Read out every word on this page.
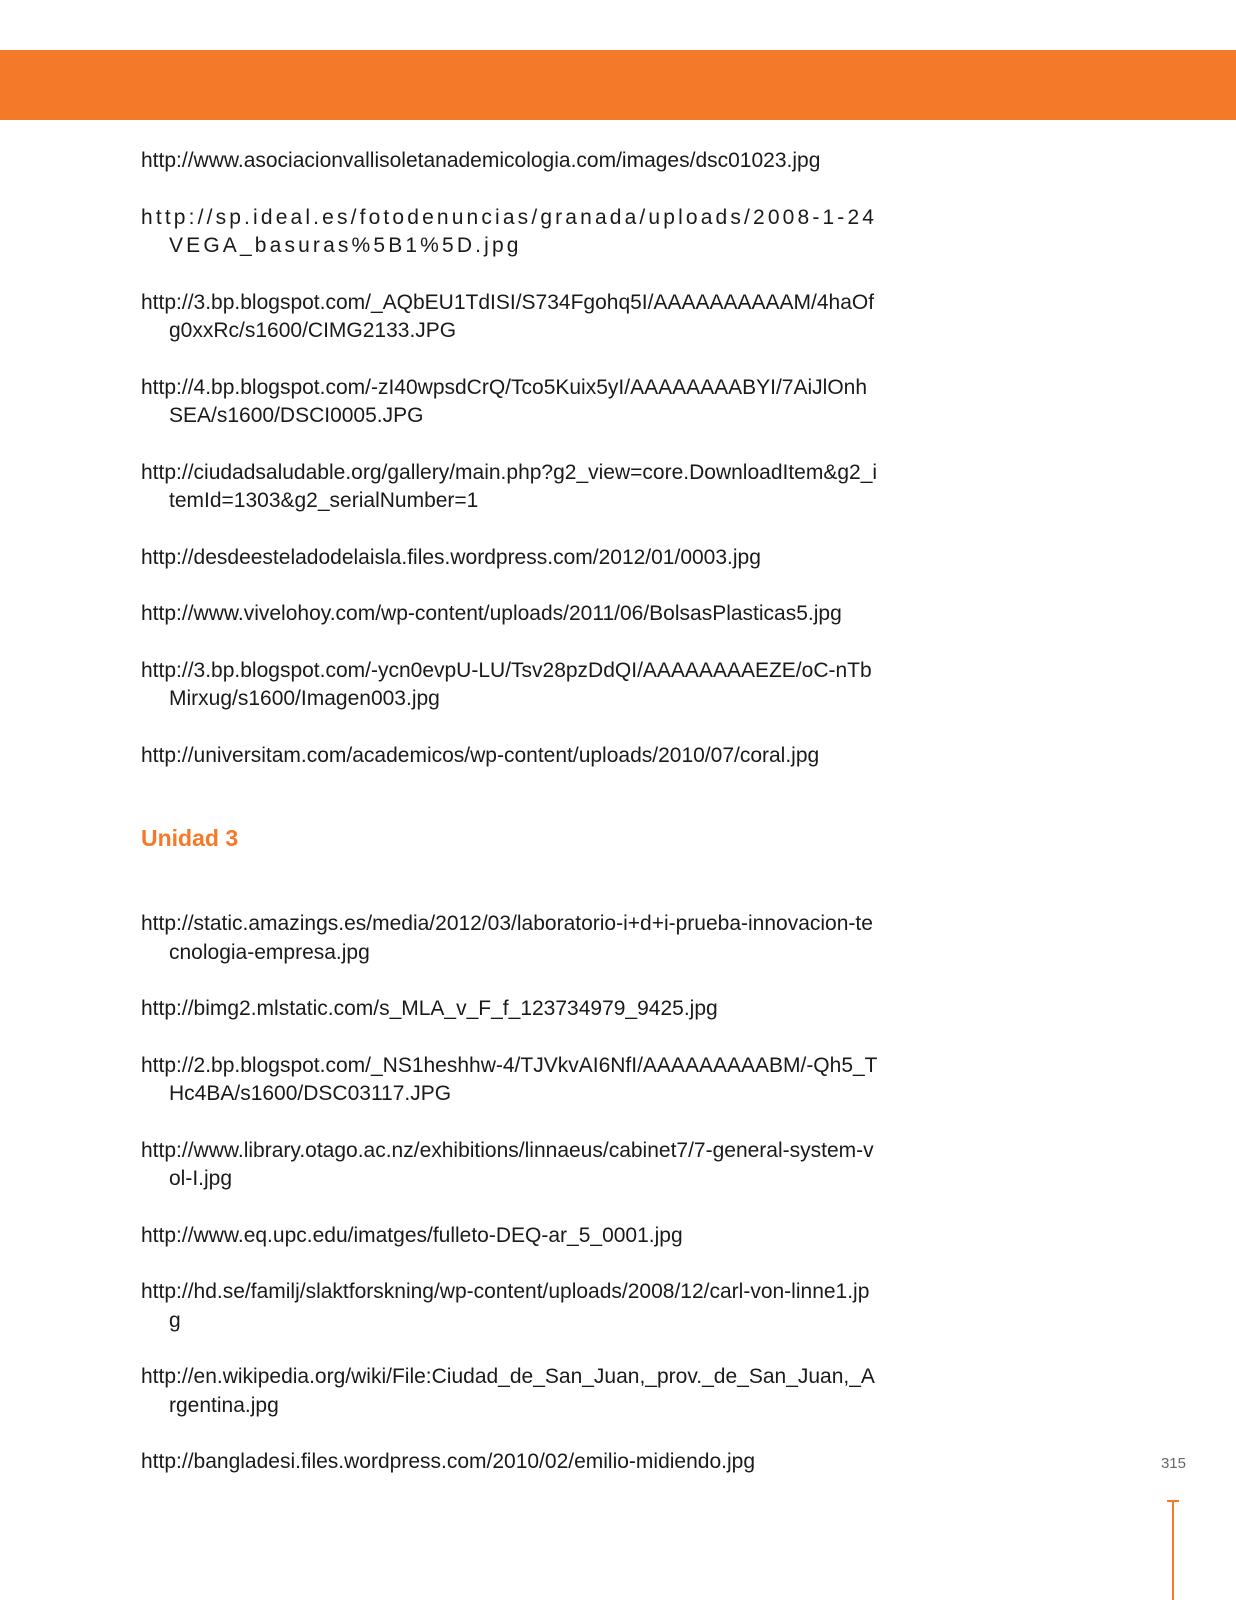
http://www.asociacionvallisoletanademicologia.com/images/dsc01023.jpg

http://sp.ideal.es/fotodenuncias/granada/uploads/2008-1-24VEGA_basuras%5B1%5D.jpg

http://3.bp.blogspot.com/_AQbEU1TdISI/S734Fgohq5I/AAAAAAAAAAM/4haOfg0xxRc/s1600/CIMG2133.JPG

http://4.bp.blogspot.com/-zI40wpsdCrQ/Tco5Kuix5yI/AAAAAAAABYI/7AiJlOnhSEA/s1600/DSCI0005.JPG

http://ciudadsaludable.org/gallery/main.php?g2_view=core.DownloadItem&g2_itemId=1303&g2_serialNumber=1

http://desdeesteladodelaisla.files.wordpress.com/2012/01/0003.jpg

http://www.vivelohoy.com/wp-content/uploads/2011/06/BolsasPlasticas5.jpg

http://3.bp.blogspot.com/-ycn0evpU-LU/Tsv28pzDdQI/AAAAAAAAEZE/oC-nTbMirxug/s1600/Imagen003.jpg

http://universitam.com/academicos/wp-content/uploads/2010/07/coral.jpg

Unidad 3

http://static.amazings.es/media/2012/03/laboratorio-i+d+i-prueba-innovacion-tecnologia-empresa.jpg

http://bimg2.mlstatic.com/s_MLA_v_F_f_123734979_9425.jpg

http://2.bp.blogspot.com/_NS1heshhw-4/TJVkvAI6NfI/AAAAAAAAABM/-Qh5_THc4BA/s1600/DSC03117.JPG

http://www.library.otago.ac.nz/exhibitions/linnaeus/cabinet7/7-general-system-vol-I.jpg

http://www.eq.upc.edu/imatges/fulleto-DEQ-ar_5_0001.jpg

http://hd.se/familj/slaktforskning/wp-content/uploads/2008/12/carl-von-linne1.jpg

http://en.wikipedia.org/wiki/File:Ciudad_de_San_Juan,_prov._de_San_Juan,_Argentina.jpg

http://bangladesi.files.wordpress.com/2010/02/emilio-midiendo.jpg	315
